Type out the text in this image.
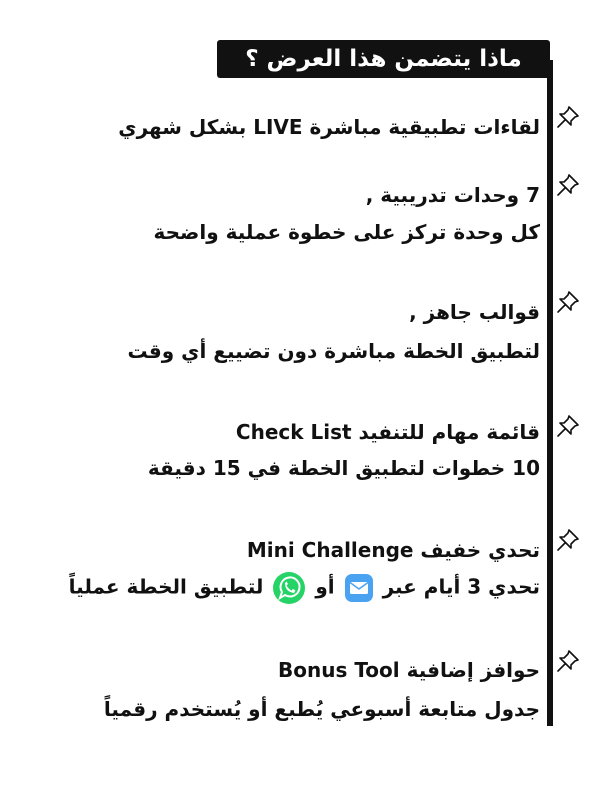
ماذا يتضمن هذا العرض ؟
لقاءات تطبيقية مباشرة LIVE بشكل شهري
7 وحدات تدريبية ,
كل وحدة تركز على خطوة عملية واضحة
قوالب جاهز ,
لتطبيق الخطة مباشرة دون تضييع أي وقت
قائمة مهام للتنفيد Check List
10 خطوات لتطبيق الخطة في 15 دقيقة
تحدي خفيف Mini Challenge
تحدي 3 أيام عبر  أو  لتطبيق الخطة عملياً
حوافز إضافية Bonus Tool
جدول متابعة أسبوعي يُطبع أو يُستخدم رقمياً
